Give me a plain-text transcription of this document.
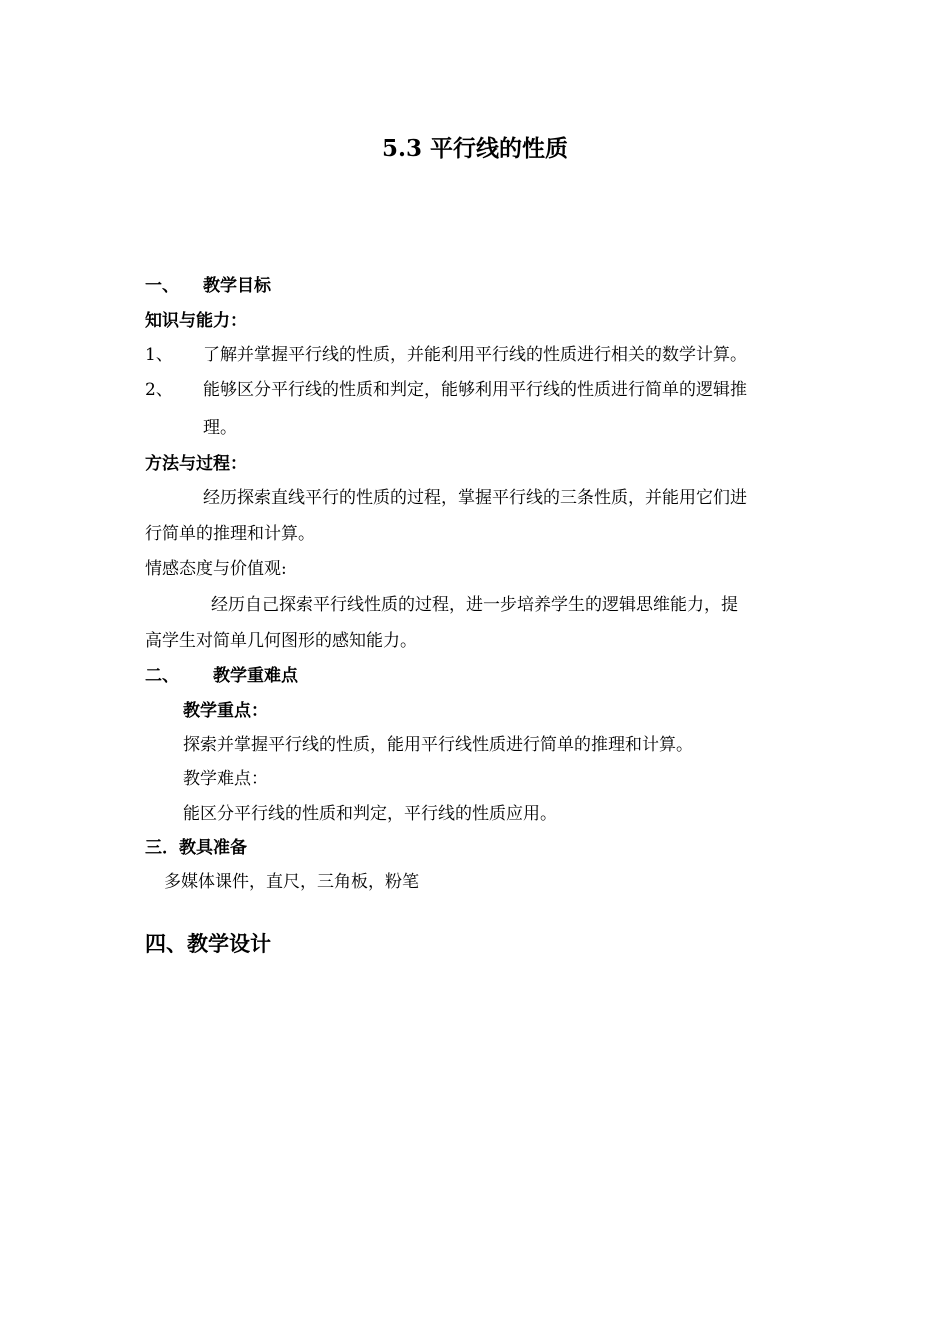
5.3 平行线的性质
一、 教学目标
知识与能力：
1、 了解并掌握平行线的性质，并能利用平行线的性质进行相关的数学计算。
2、 能够区分平行线的性质和判定，能够利用平行线的性质进行简单的逻辑推
理。
方法与过程：
经历探索直线平行的性质的过程，掌握平行线的三条性质，并能用它们进
行简单的推理和计算。
情感态度与价值观:
经历自己探索平行线性质的过程，进一步培养学生的逻辑思维能力，提
高学生对简单几何图形的感知能力。
二、 教学重难点
教学重点：
探索并掌握平行线的性质，能用平行线性质进行简单的推理和计算。
教学难点：
能区分平行线的性质和判定，平行线的性质应用。
三．教具准备
多媒体课件，直尺，三角板，粉笔
四、教学设计
